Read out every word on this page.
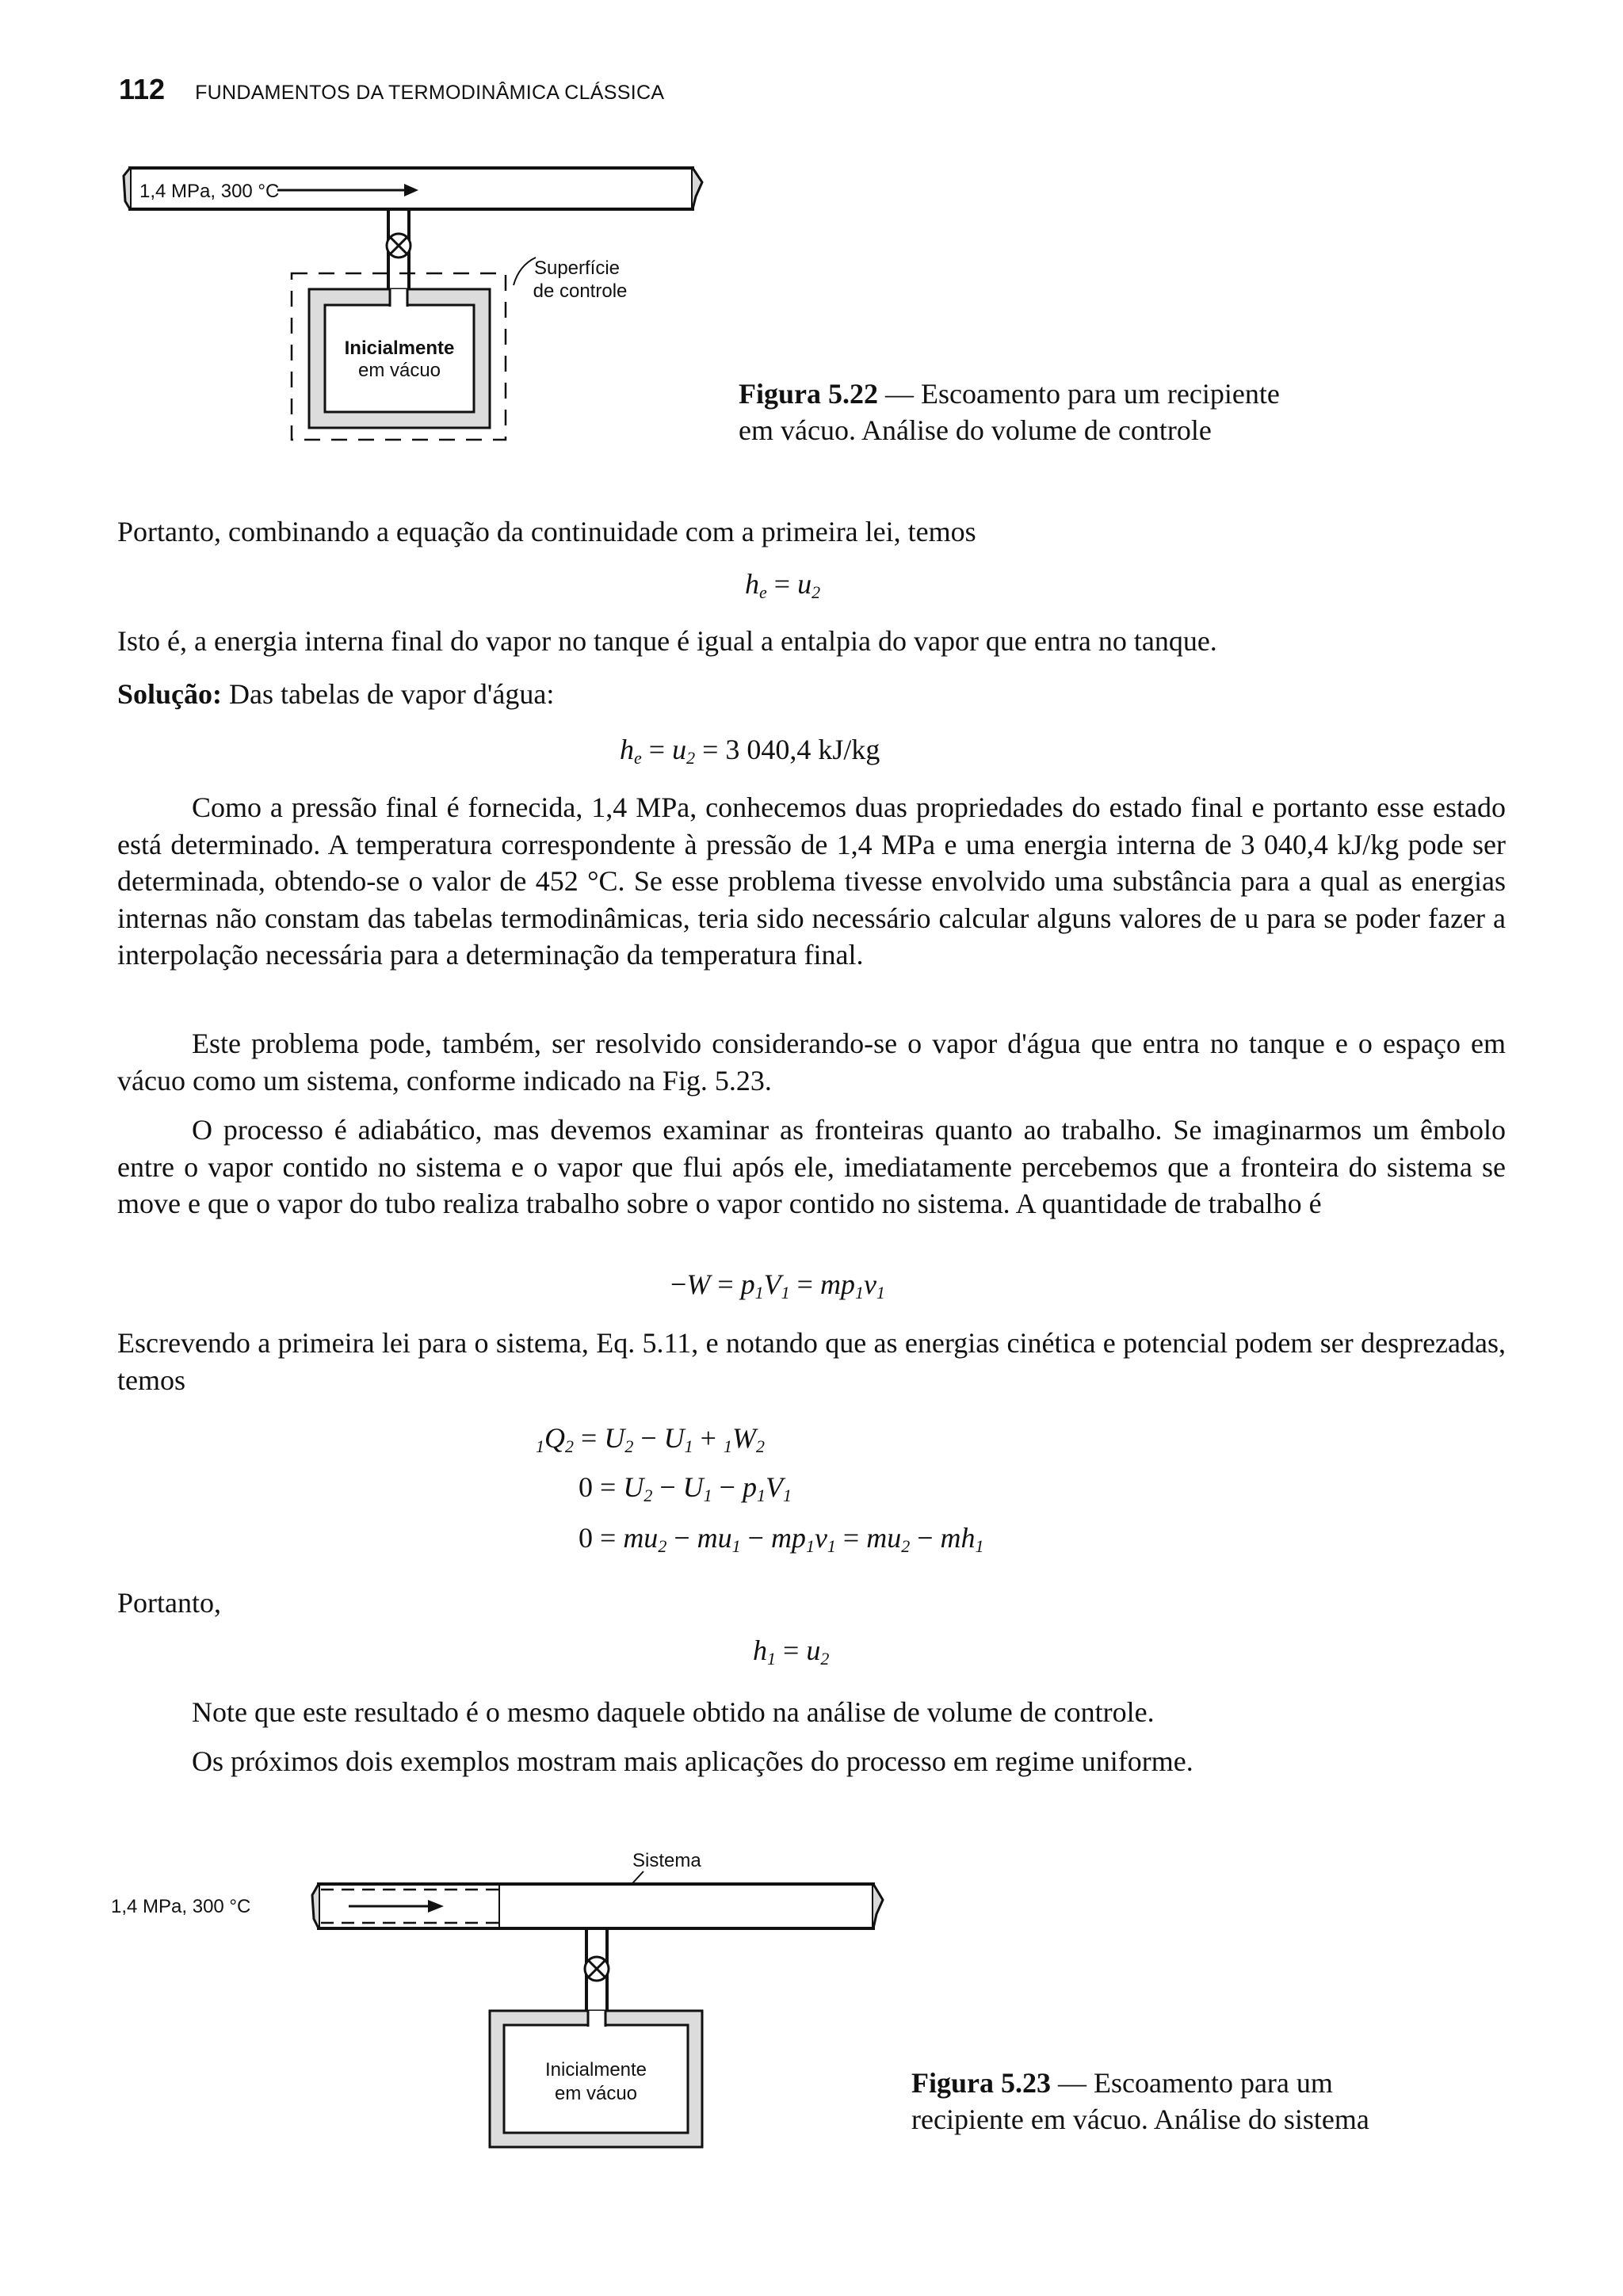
112 FUNDAMENTOS DA TERMODINÂMICA CLÁSSICA
1,4 MPa, 300 °C
Inicialmente
em vácuo
Superfície
de controle
Figura 5.22 — Escoamento para um recipiente
em vácuo. Análise do volume de controle

Portanto, combinando a equação da continuidade com a primeira lei, temos

$h_e = u_2$

Isto é, a energia interna final do vapor no tanque é igual a entalpia do vapor que entra no tanque.

Solução: Das tabelas de vapor d'água:

$h_e = u_2 = 3$ 040,4 kJ/kg

Como a pressão final é fornecida, 1,4 MPa, conhecemos duas propriedades do estado final e portanto esse estado está determinado. A temperatura correspondente à pressão de 1,4 MPa e uma energia interna de 3 040,4 kJ/kg pode ser determinada, obtendo-se o valor de 452 °C. Se esse problema tivesse envolvido uma substância para a qual as energias internas não constam das tabelas termodinâmicas, teria sido necessário calcular alguns valores de u para se poder fazer a interpolação necessária para a determinação da temperatura final.

Este problema pode, também, ser resolvido considerando-se o vapor d'água que entra no tanque e o espaço em vácuo como um sistema, conforme indicado na Fig. 5.23.

O processo é adiabático, mas devemos examinar as fronteiras quanto ao trabalho. Se imaginarmos um êmbolo entre o vapor contido no sistema e o vapor que flui após ele, imediatamente percebemos que a fronteira do sistema se move e que o vapor do tubo realiza trabalho sobre o vapor contido no sistema. A quantidade de trabalho é

$-W = p_1V_1 = mp_1v_1$

Escrevendo a primeira lei para o sistema, Eq. 5.11, e notando que as energias cinética e potencial podem ser desprezadas, temos

$_1Q_2 = U_2 - U_1 + _1W_2$
$0 = U_2 - U_1 - p_1V_1$
$0 = mu_2 - mu_1 - mp_1v_1 = mu_2 - mh_1$

Portanto,

$h_1 = u_2$

Note que este resultado é o mesmo daquele obtido na análise de volume de controle.

Os próximos dois exemplos mostram mais aplicações do processo em regime uniforme.

1,4 MPa, 300 °C
Sistema
Inicialmente
em vácuo	Figura 5.23 — Escoamento para um
recipiente em vácuo. Análise do sistema
